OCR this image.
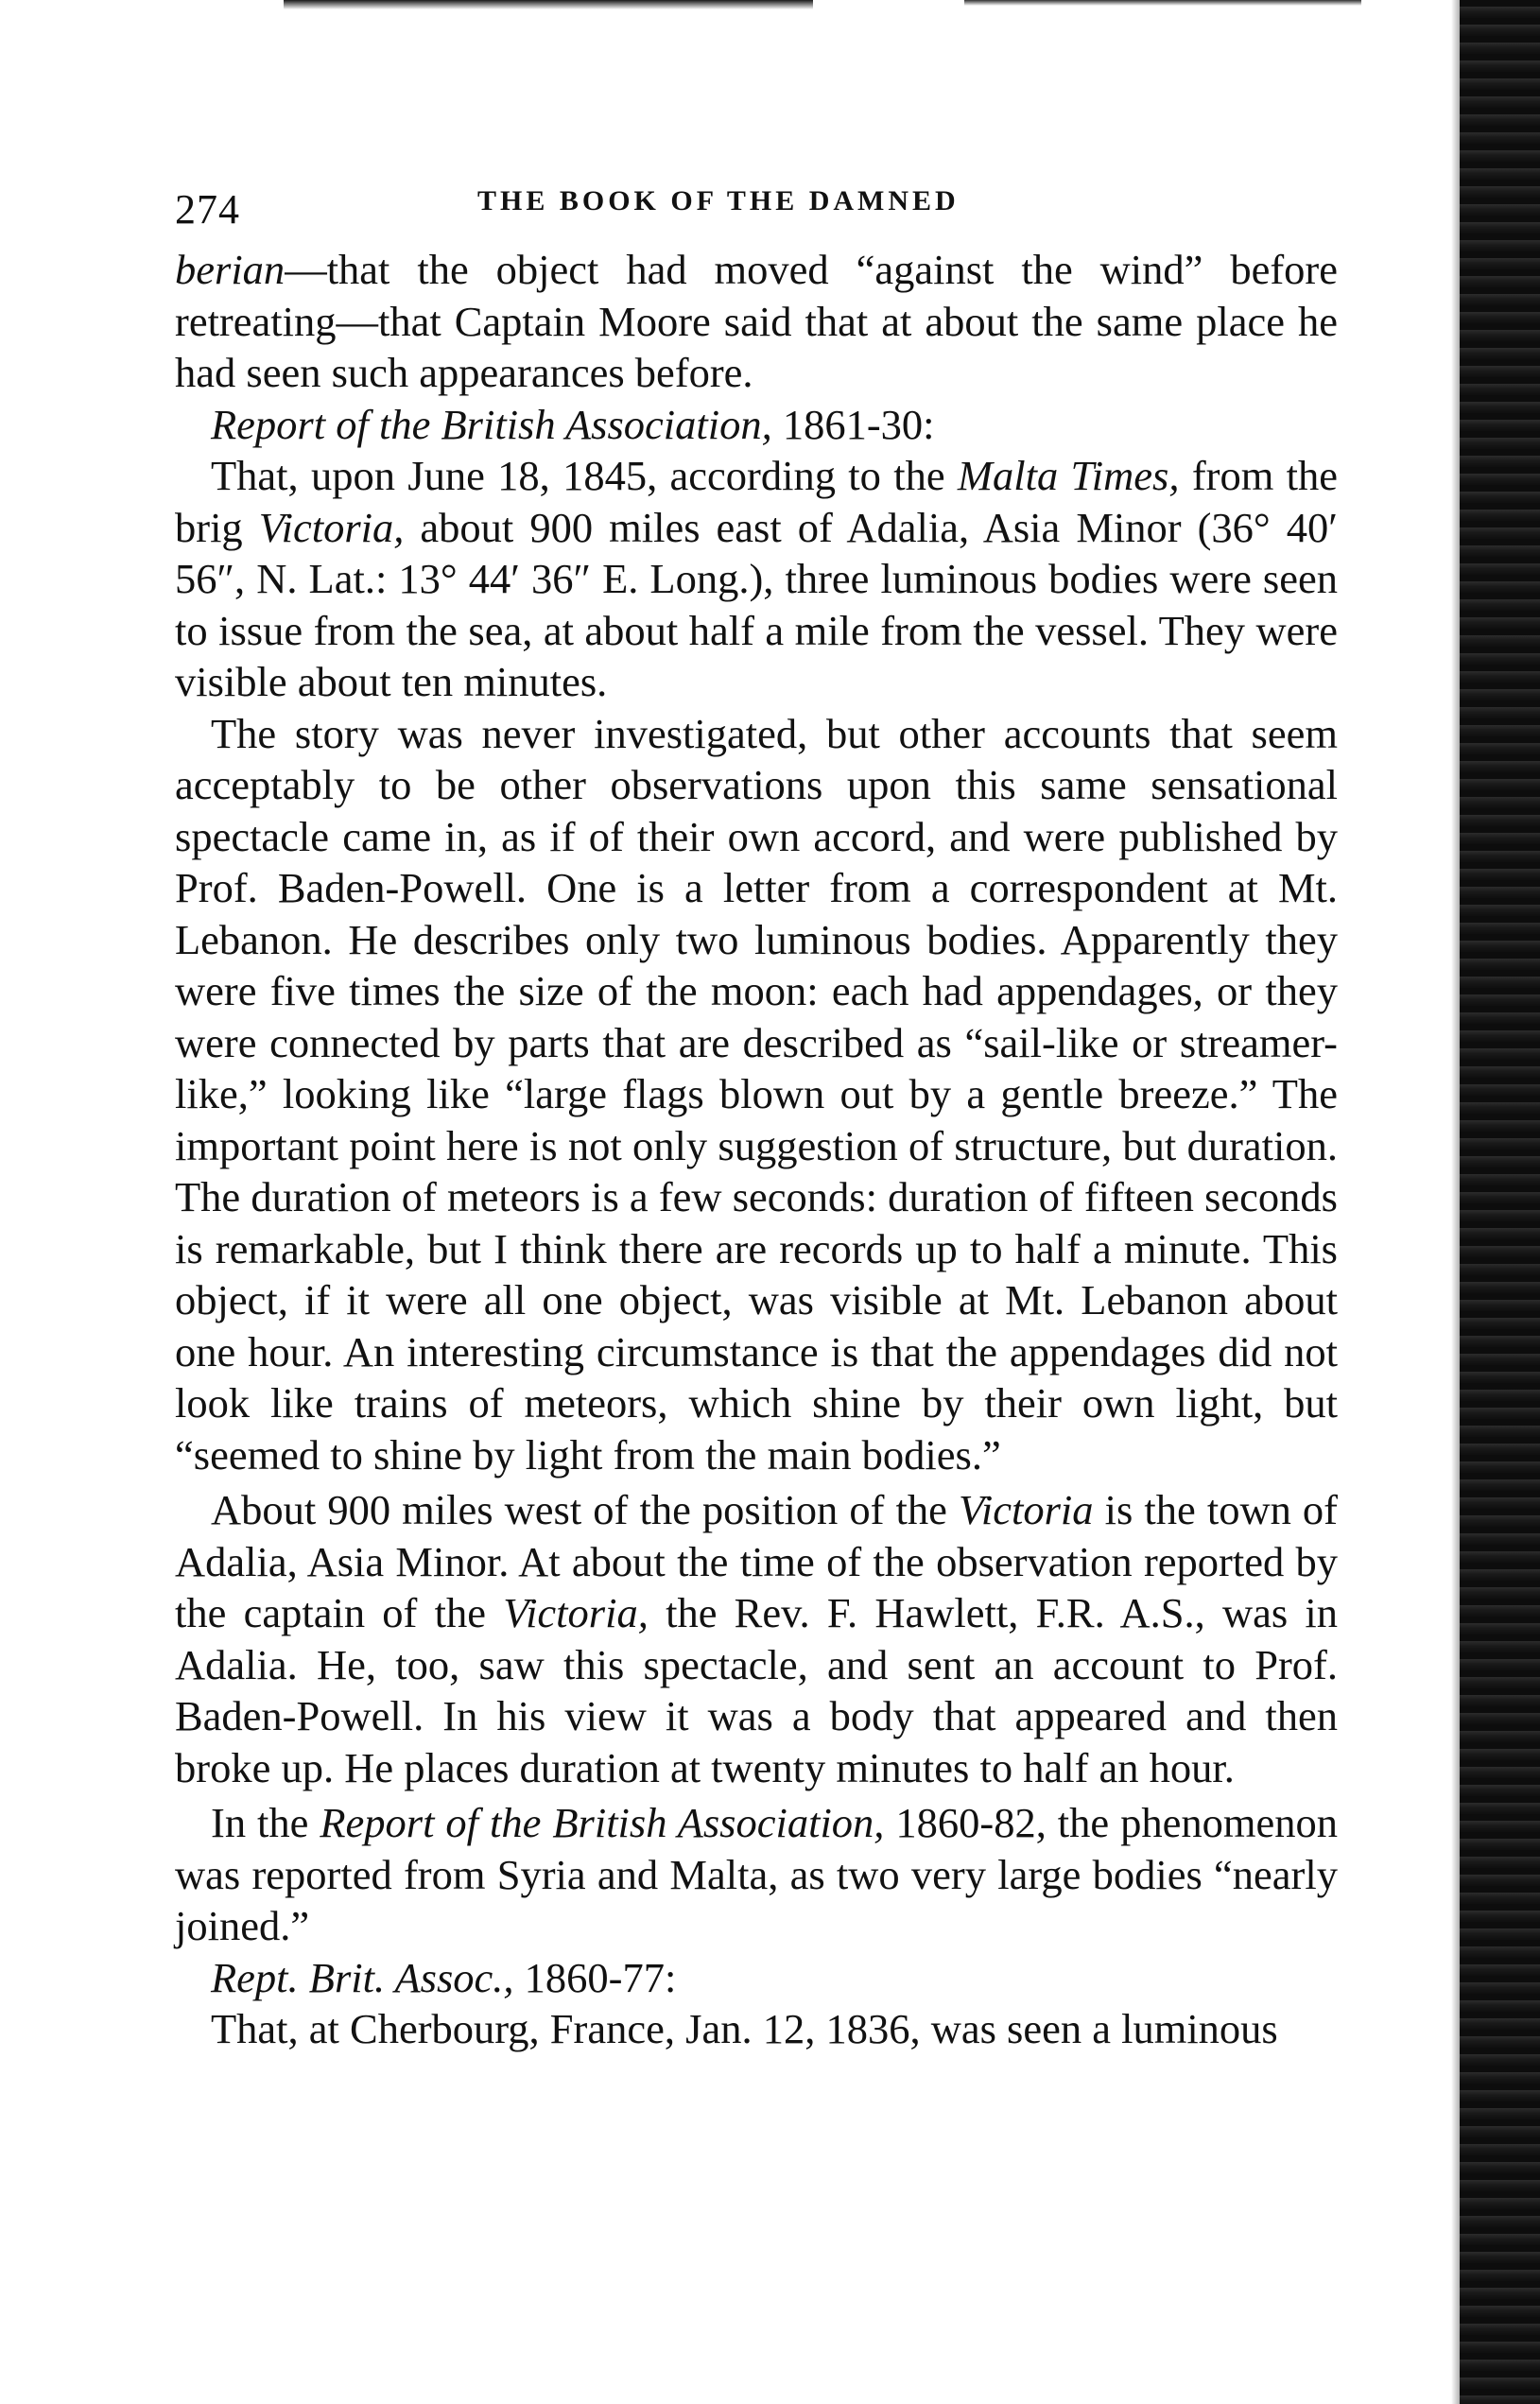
274	THE BOOK OF THE DAMNED

berian—that the object had moved “against the wind” before retreating—that Captain Moore said that at about the same place he had seen such appearances before.

Report of the British Association, 1861-30:

That, upon June 18, 1845, according to the Malta Times, from the brig Victoria, about 900 miles east of Adalia, Asia Minor (36° 40′ 56″, N. Lat.: 13° 44′ 36″ E. Long.), three luminous bodies were seen to issue from the sea, at about half a mile from the vessel. They were visible about ten minutes.

The story was never investigated, but other accounts that seem acceptably to be other observations upon this same sensational spectacle came in, as if of their own accord, and were published by Prof. Baden-Powell. One is a letter from a correspondent at Mt. Lebanon. He describes only two luminous bodies. Apparently they were five times the size of the moon: each had appendages, or they were connected by parts that are described as “sail-like or streamer-like,” looking like “large flags blown out by a gentle breeze.” The important point here is not only suggestion of structure, but duration. The duration of meteors is a few seconds: duration of fifteen seconds is remarkable, but I think there are records up to half a minute. This object, if it were all one object, was visible at Mt. Lebanon about one hour. An interesting circumstance is that the appendages did not look like trains of meteors, which shine by their own light, but “seemed to shine by light from the main bodies.”

About 900 miles west of the position of the Victoria is the town of Adalia, Asia Minor. At about the time of the observation reported by the captain of the Victoria, the Rev. F. Hawlett, F.R. A.S., was in Adalia. He, too, saw this spectacle, and sent an account to Prof. Baden-Powell. In his view it was a body that appeared and then broke up. He places duration at twenty minutes to half an hour.

In the Report of the British Association, 1860-82, the phenomenon was reported from Syria and Malta, as two very large bodies “nearly joined.”

Rept. Brit. Assoc., 1860-77:

That, at Cherbourg, France, Jan. 12, 1836, was seen a luminous
